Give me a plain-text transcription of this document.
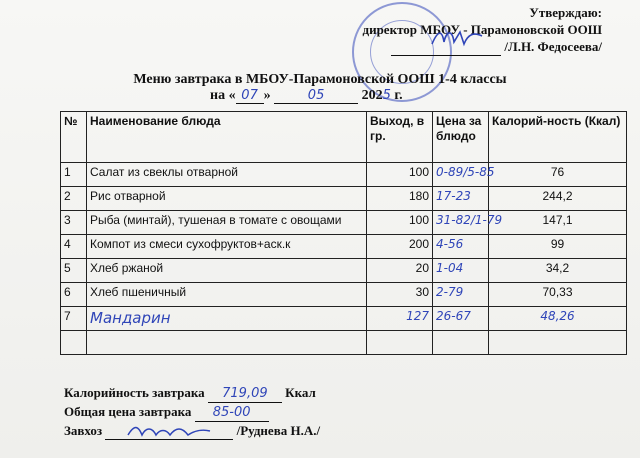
Утверждаю:
директор МБОУ - Парамоновской ООШ
/Л.Н. Федосеева/
Меню завтрака в МБОУ-Парамоновской ООШ 1-4 классы
на « 07 »	05	2025 г.
№	Наименование блюда	Выход, в гр.	Цена за блюдо	Калорий-ность (Ккал)
1	Салат из свеклы отварной	100	0-89/5-85	76
2	Рис отварной	180	17-23	244,2
3	Рыба (минтай), тушеная в томате с овощами	100	31-82/1-79	147,1
4	Компот из смеси сухофруктов+аск.к	200	4-56	99
5	Хлеб ржаной	20	1-04	34,2
6	Хлеб пшеничный	30	2-79	70,33
7	Мандарин	127	26-67	48,26

Калорийность завтрака 719,09 Ккал
Общая цена завтрака 85-00
Завхоз	/Руднева Н.А./
